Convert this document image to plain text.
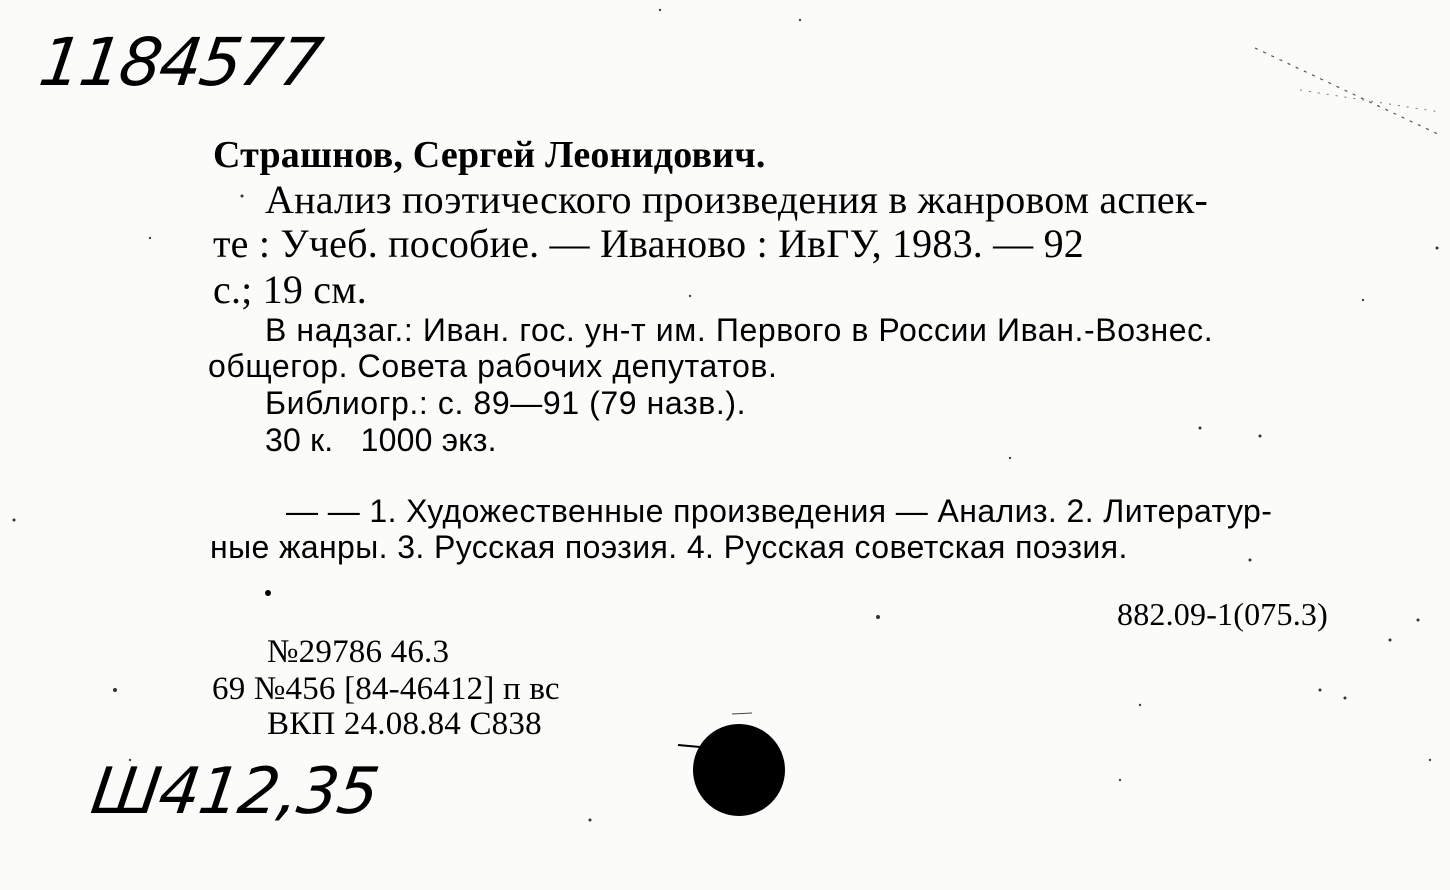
1184577
Ш412,35
Страшнов, Сергей Леонидович.
Анализ поэтического произведения в жанровом аспек-
те : Учеб. пособие. — Иваново : ИвГУ, 1983. — 92
с.; 19 см.
В надзаг.: Иван. гос. ун-т им. Первого в России Иван.-Вознес.
общегор. Совета рабочих депутатов.
Библиогр.: с. 89—91 (79 назв.).
30 к.   1000 экз.
— — 1. Художественные произведения — Анализ. 2. Литератур-
ные жанры. 3. Русская поэзия. 4. Русская советская поэзия.
882.09-1(075.3)
№29786 46.3
69 №456 [84-46412] п вс
ВКП 24.08.84 С838
